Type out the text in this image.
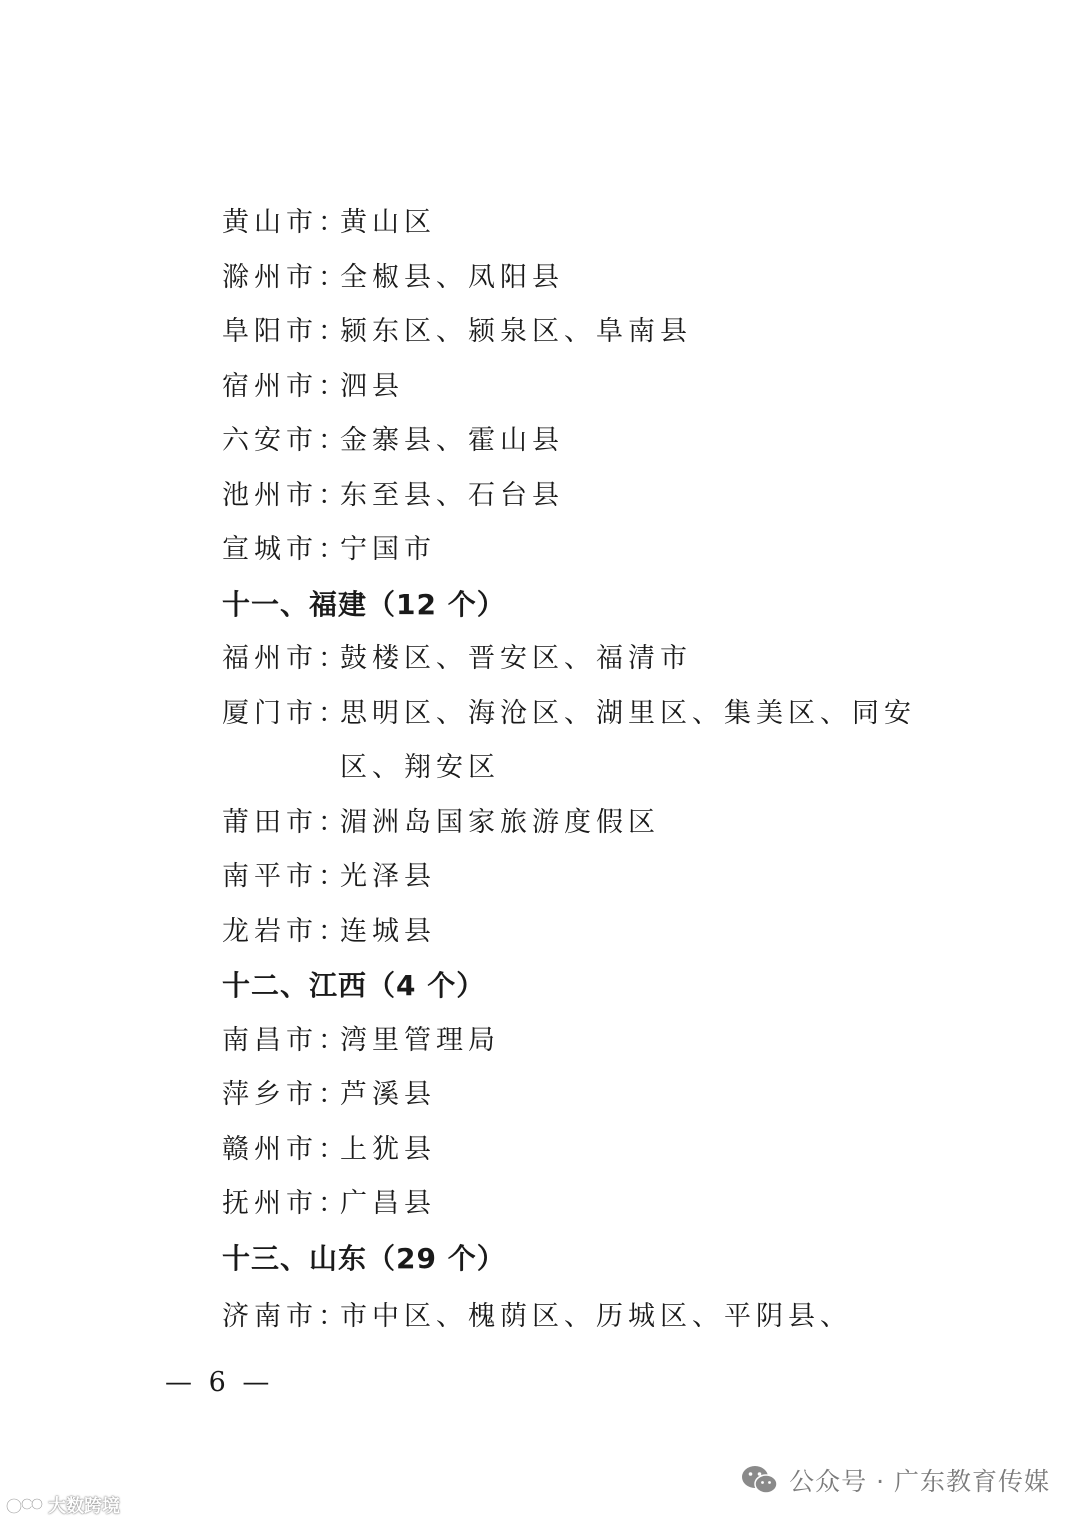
黄山市：
黄山区
滁州市：
全椒县、凤阳县
阜阳市：
颍东区、颍泉区、阜南县
宿州市：
泗县
六安市：
金寨县、霍山县
池州市：
东至县、石台县
宣城市：
宁国市
十一、福建（12 个）
福州市：
鼓楼区、晋安区、福清市
厦门市：
思明区、海沧区、湖里区、集美区、同安区、翔安区
莆田市：
湄洲岛国家旅游度假区
南平市：
光泽县
龙岩市：
连城县
十二、江西（4 个）
南昌市：
湾里管理局
萍乡市：
芦溪县
赣州市：
上犹县
抚州市：
广昌县
十三、山东（29 个）
济南市：
市中区、槐荫区、历城区、平阴县、
— 6 —
公众号 · 广东教育传媒
大数跨境
